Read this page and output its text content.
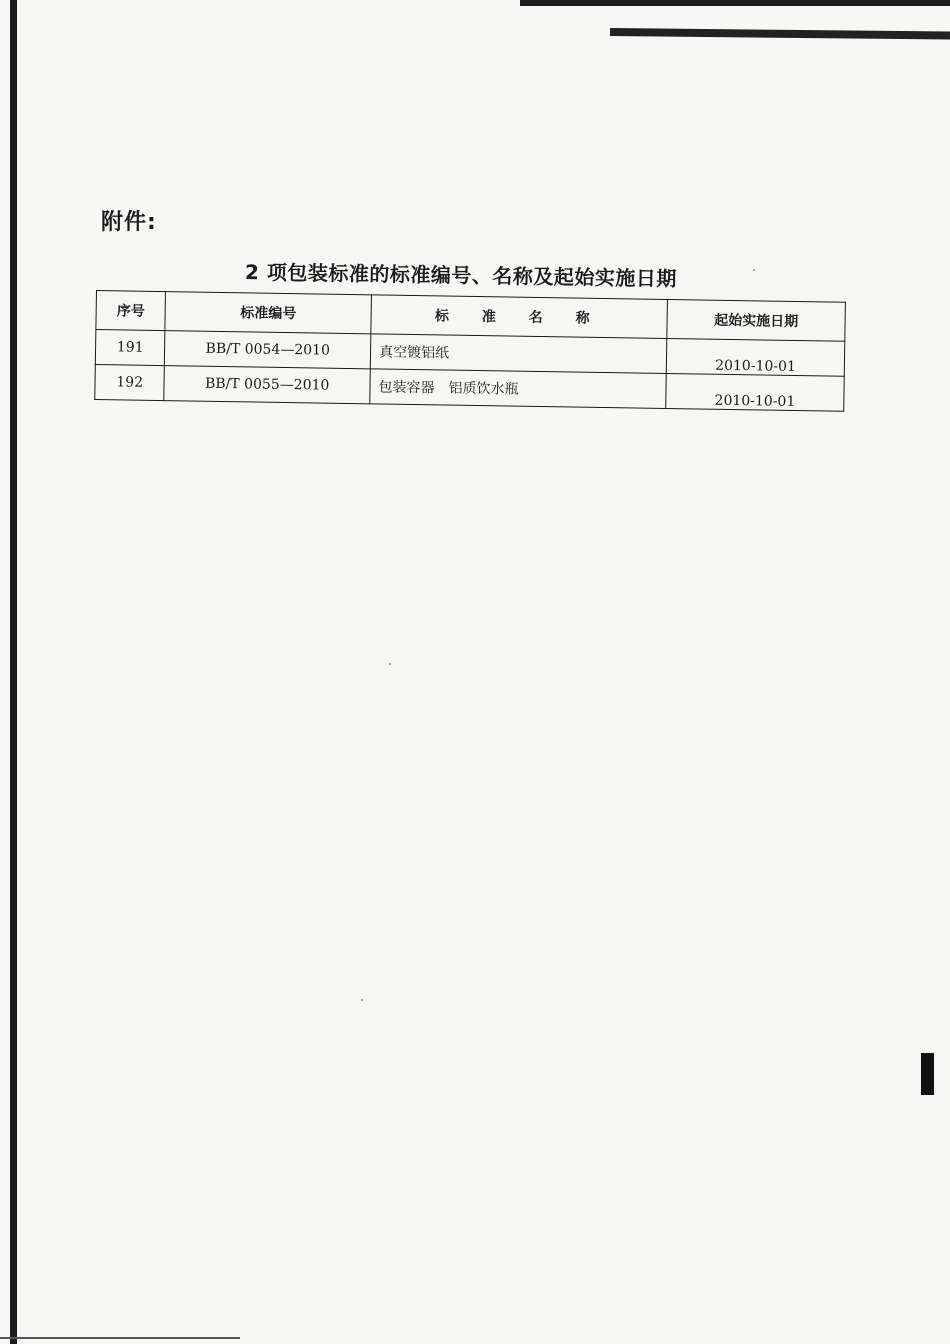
附件:
2 项包装标准的标准编号、名称及起始实施日期
序号	标准编号	标 准 名 称	起始实施日期
191	BB/T 0054—2010	真空镀铝纸	2010-10-01
192	BB/T 0055—2010	包装容器　铝质饮水瓶	2010-10-01
